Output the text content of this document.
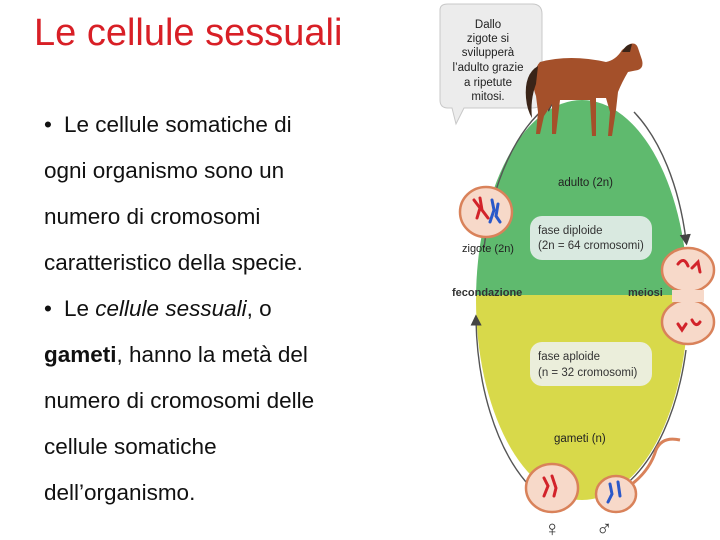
Le cellule sessuali
• Le cellule somatiche di
ogni organismo sono un
numero di cromosomi
caratteristico della specie.
• Le cellule sessuali, o
gameti, hanno la metà del
numero di cromosomi delle
cellule somatiche
dell’organismo.
Dallo
zigote si
svilupperà
l’adulto grazie
a ripetute
mitosi.
adulto (2n)
zigote (2n)
fecondazione	meiosi
gameti (n)
fase diploide
(2n = 64 cromosomi)
fase aploide
(n = 32 cromosomi)
♀ ♂
